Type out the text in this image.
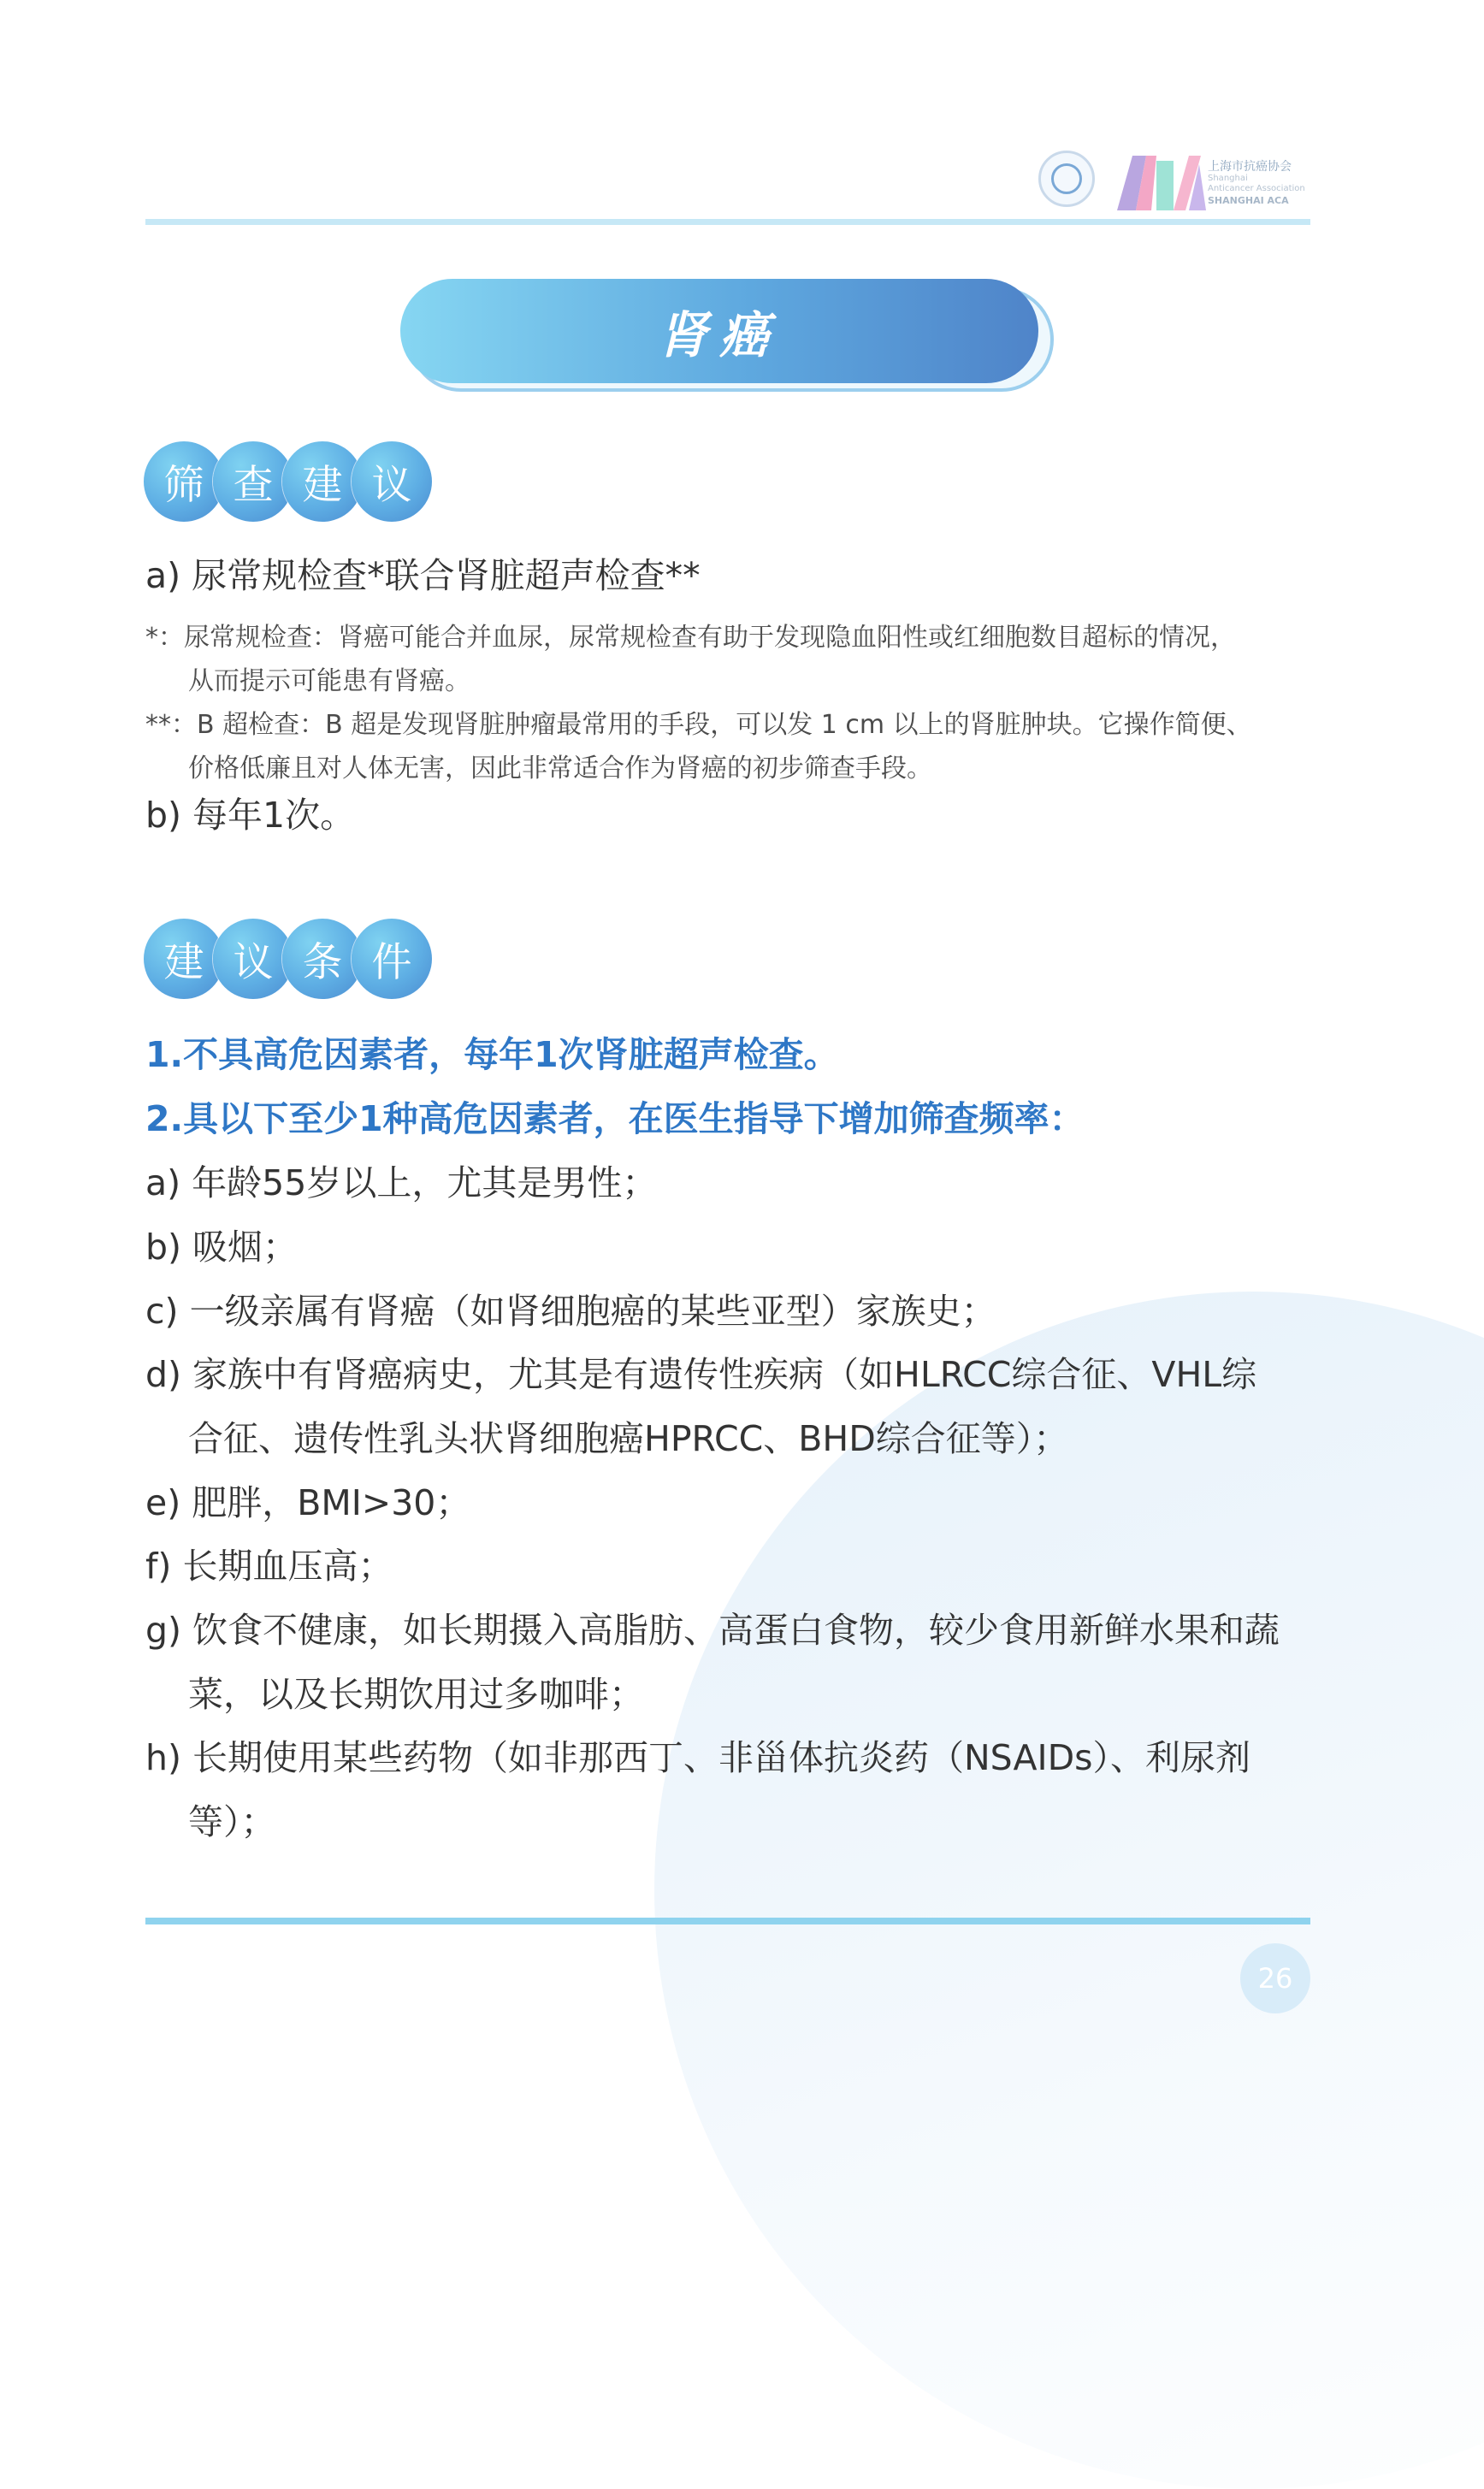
上海市抗癌协会
Shanghai
Anticancer Association
SHANGHAI ACA
肾癌
筛 查 建 议
a) 尿常规检查*联合肾脏超声检查**
*：尿常规检查：肾癌可能合并血尿，尿常规检查有助于发现隐血阳性或红细胞数目超标的情况，
从而提示可能患有肾癌。
**：B 超检查：B 超是发现肾脏肿瘤最常用的手段，可以发 1 cm 以上的肾脏肿块。它操作简便、
价格低廉且对人体无害，因此非常适合作为肾癌的初步筛查手段。
b) 每年1次。
建 议 条 件
1.不具高危因素者，每年1次肾脏超声检查。
2.具以下至少1种高危因素者，在医生指导下增加筛查频率：
a) 年龄55岁以上，尤其是男性；
b) 吸烟；
c) 一级亲属有肾癌（如肾细胞癌的某些亚型）家族史；
d) 家族中有肾癌病史，尤其是有遗传性疾病（如HLRCC综合征、VHL综
合征、遗传性乳头状肾细胞癌HPRCC、BHD综合征等）；
e) 肥胖，BMI>30；
f) 长期血压高；
g) 饮食不健康，如长期摄入高脂肪、高蛋白食物，较少食用新鲜水果和蔬
菜，以及长期饮用过多咖啡；
h) 长期使用某些药物（如非那西丁、非甾体抗炎药（NSAIDs）、利尿剂
等）；
26
